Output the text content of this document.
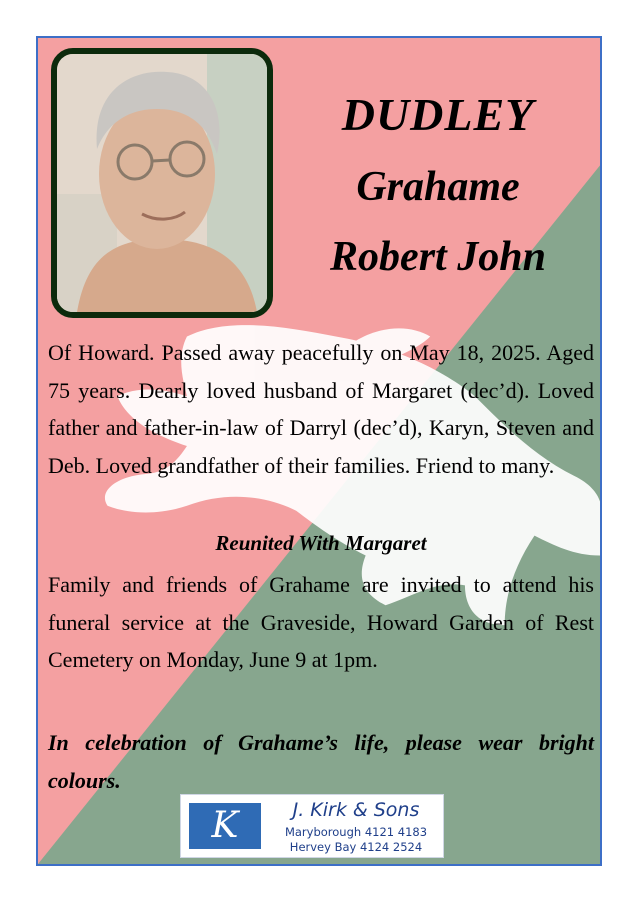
DUDLEY
Grahame
Robert John
Of Howard. Passed away peacefully on May 18, 2025. Aged 75 years. Dearly loved husband of Margaret (dec’d). Loved father and father-in-law of Darryl (dec’d), Karyn, Steven and Deb. Loved grandfather of their families. Friend to many.
Reunited With Margaret
Family and friends of Grahame are invited to attend his funeral service at the Graveside, Howard Garden of Rest Cemetery on Monday, June 9 at 1pm.
In celebration of Grahame’s life, please wear bright colours.
K	J. Kirk & Sons
Maryborough 4121 4183
Hervey Bay 4124 2524
